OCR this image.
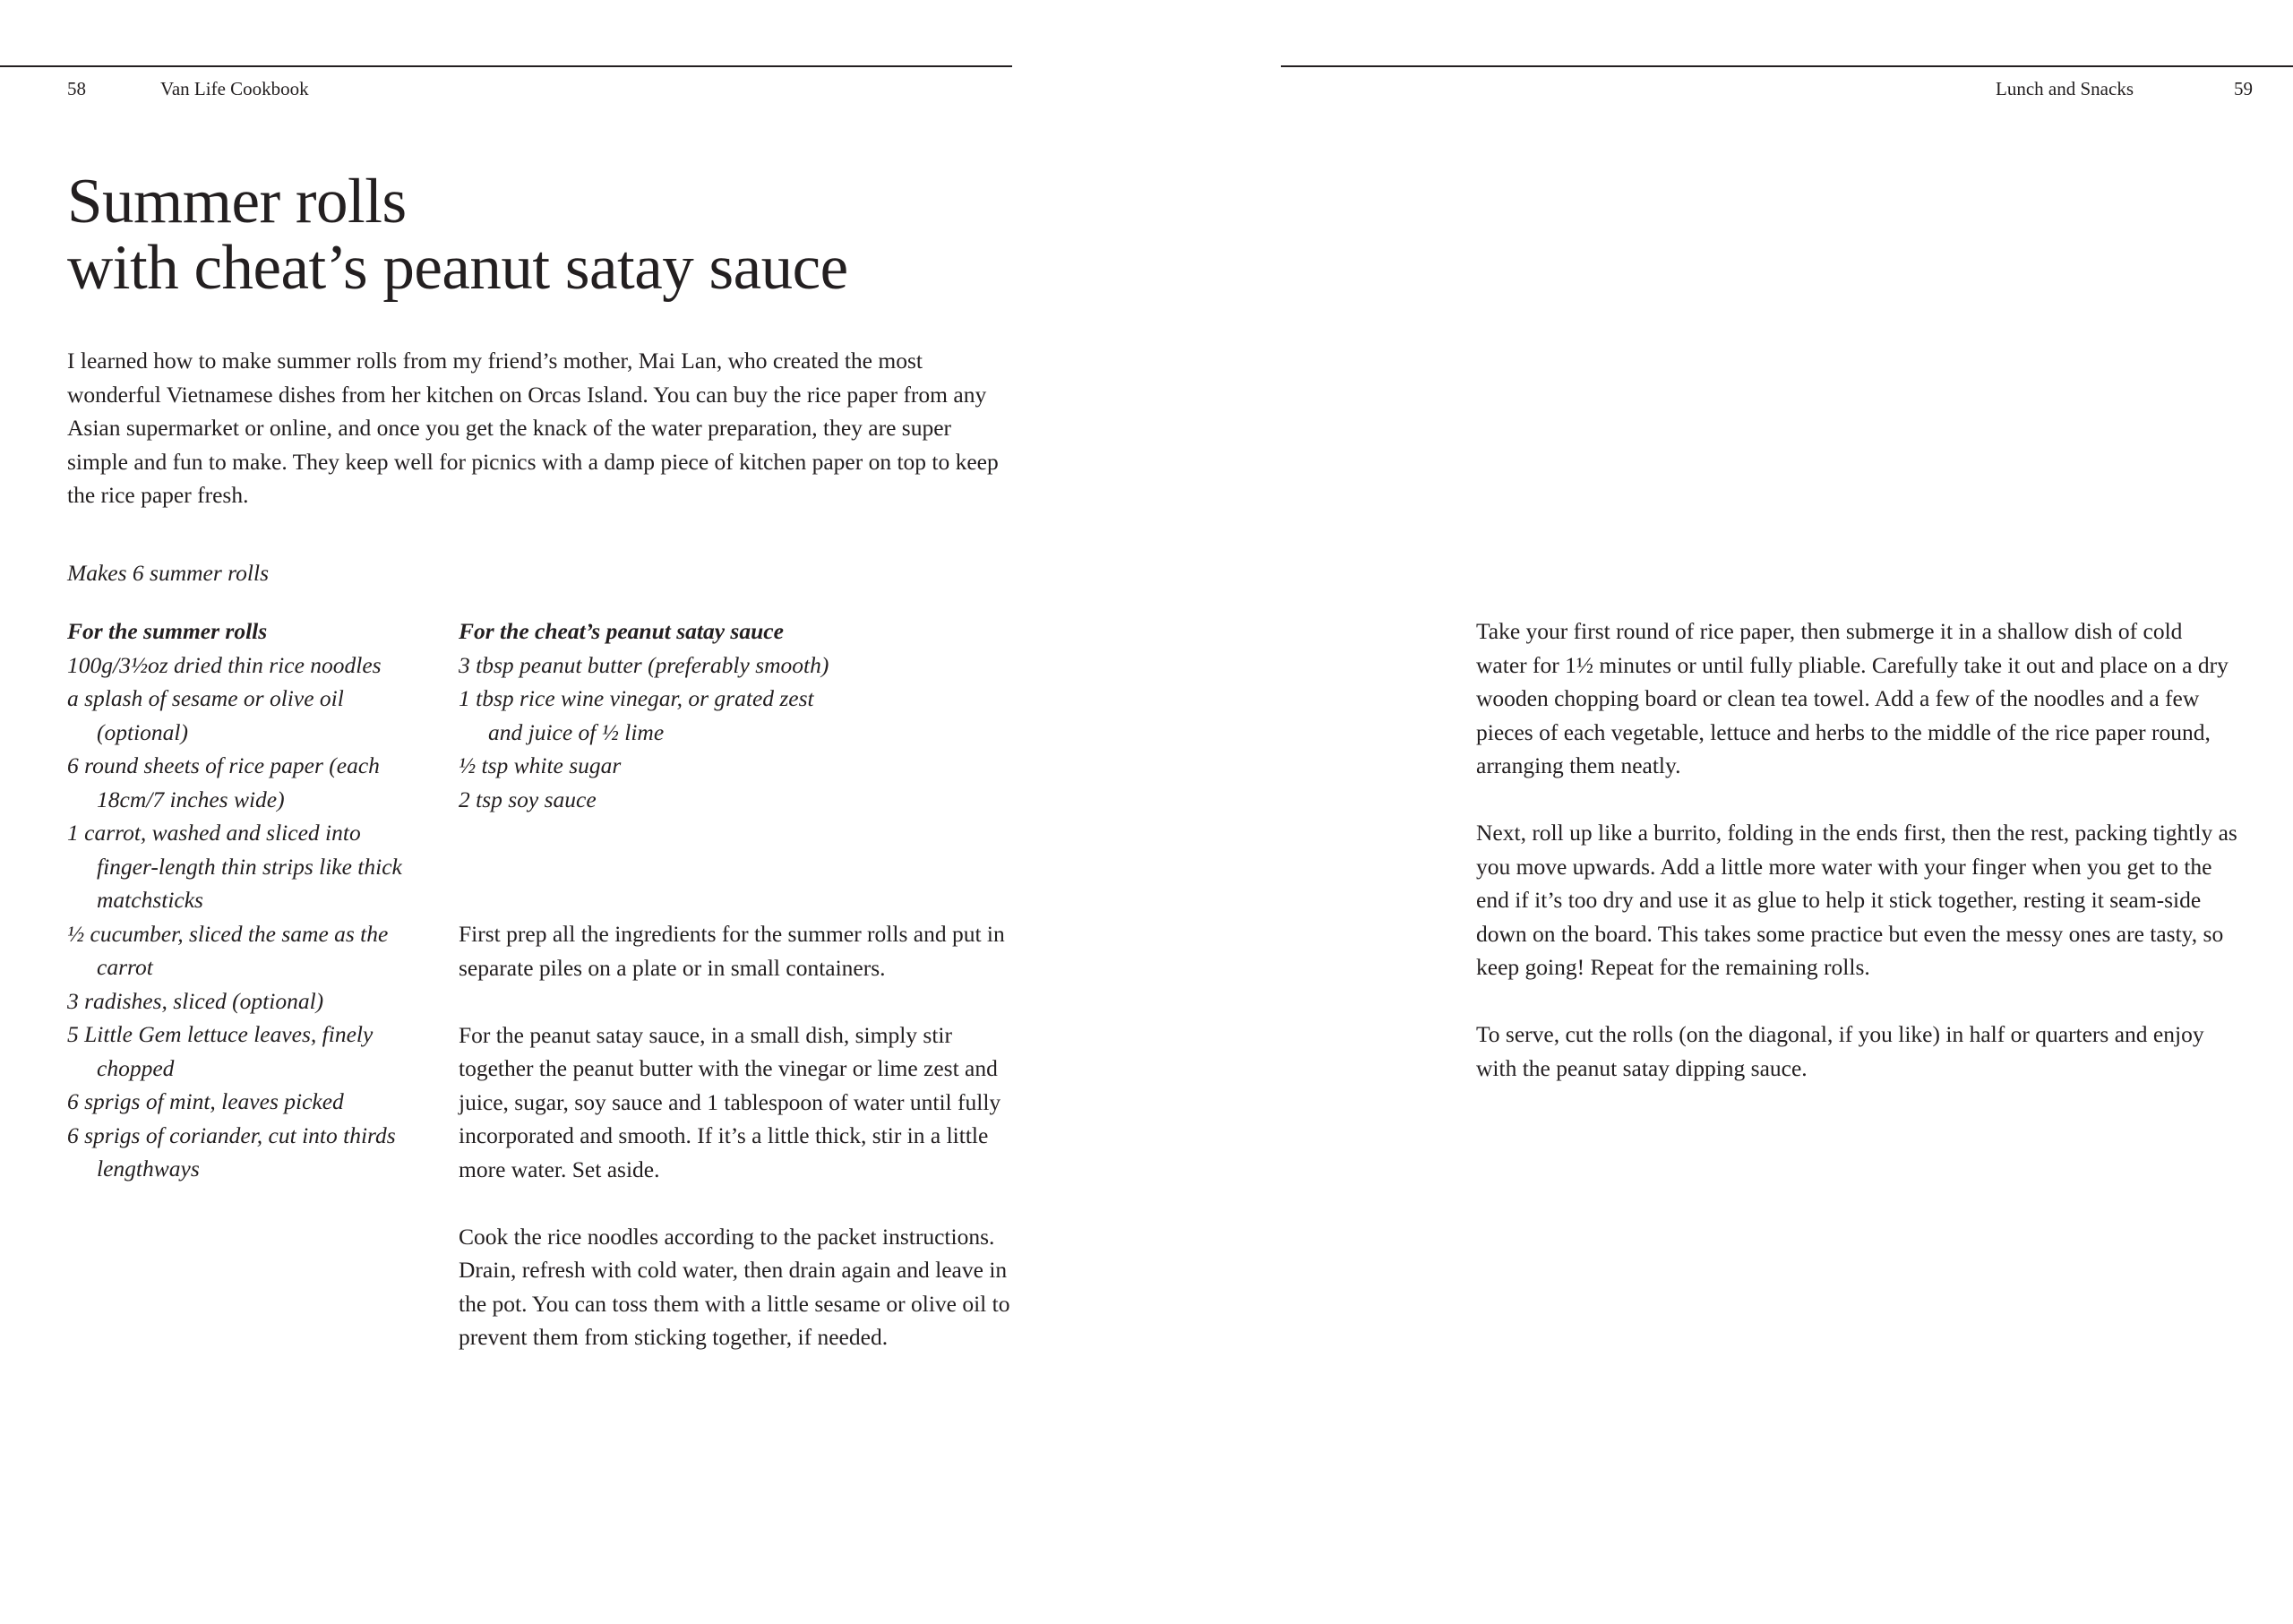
58	Van Life Cookbook
Summer rolls
with cheat’s peanut satay sauce

I learned how to make summer rolls from my friend’s mother, Mai Lan, who created the most wonderful Vietnamese dishes from her kitchen on Orcas Island. You can buy the rice paper from any Asian supermarket or online, and once you get the knack of the water preparation, they are super simple and fun to make. They keep well for picnics with a damp piece of kitchen paper on top to keep the rice paper fresh.

Makes 6 summer rolls

For the summer rolls

100g/3½oz dried thin rice noodles
a splash of sesame or olive oil (optional)
6 round sheets of rice paper (each 18cm/7 inches wide)
1 carrot, washed and sliced into finger-length thin strips like thick matchsticks
½ cucumber, sliced the same as the carrot
3 radishes, sliced (optional)
5 Little Gem lettuce leaves, finely chopped
6 sprigs of mint, leaves picked
6 sprigs of coriander, cut into thirds lengthways

For the cheat’s peanut satay sauce

3 tbsp peanut butter (preferably smooth)
1 tbsp rice wine vinegar, or grated zest and juice of ½ lime
½ tsp white sugar
2 tsp soy sauce

First prep all the ingredients for the summer rolls and put in separate piles on a plate or in small containers.

For the peanut satay sauce, in a small dish, simply stir together the peanut butter with the vinegar or lime zest and juice, sugar, soy sauce and 1 tablespoon of water until fully incorporated and smooth. If it’s a little thick, stir in a little more water. Set aside.

Cook the rice noodles according to the packet instructions. Drain, refresh with cold water, then drain again and leave in the pot. You can toss them with a little sesame or olive oil to prevent them from sticking together, if needed.

Lunch and Snacks	59

Take your first round of rice paper, then submerge it in a shallow dish of cold water for 1½ minutes or until fully pliable. Carefully take it out and place on a dry wooden chopping board or clean tea towel. Add a few of the noodles and a few pieces of each vegetable, lettuce and herbs to the middle of the rice paper round, arranging them neatly.

Next, roll up like a burrito, folding in the ends first, then the rest, packing tightly as you move upwards. Add a little more water with your finger when you get to the end if it’s too dry and use it as glue to help it stick together, resting it seam-side down on the board. This takes some practice but even the messy ones are tasty, so keep going! Repeat for the remaining rolls.

To serve, cut the rolls (on the diagonal, if you like) in half or quarters and enjoy with the peanut satay dipping sauce.
